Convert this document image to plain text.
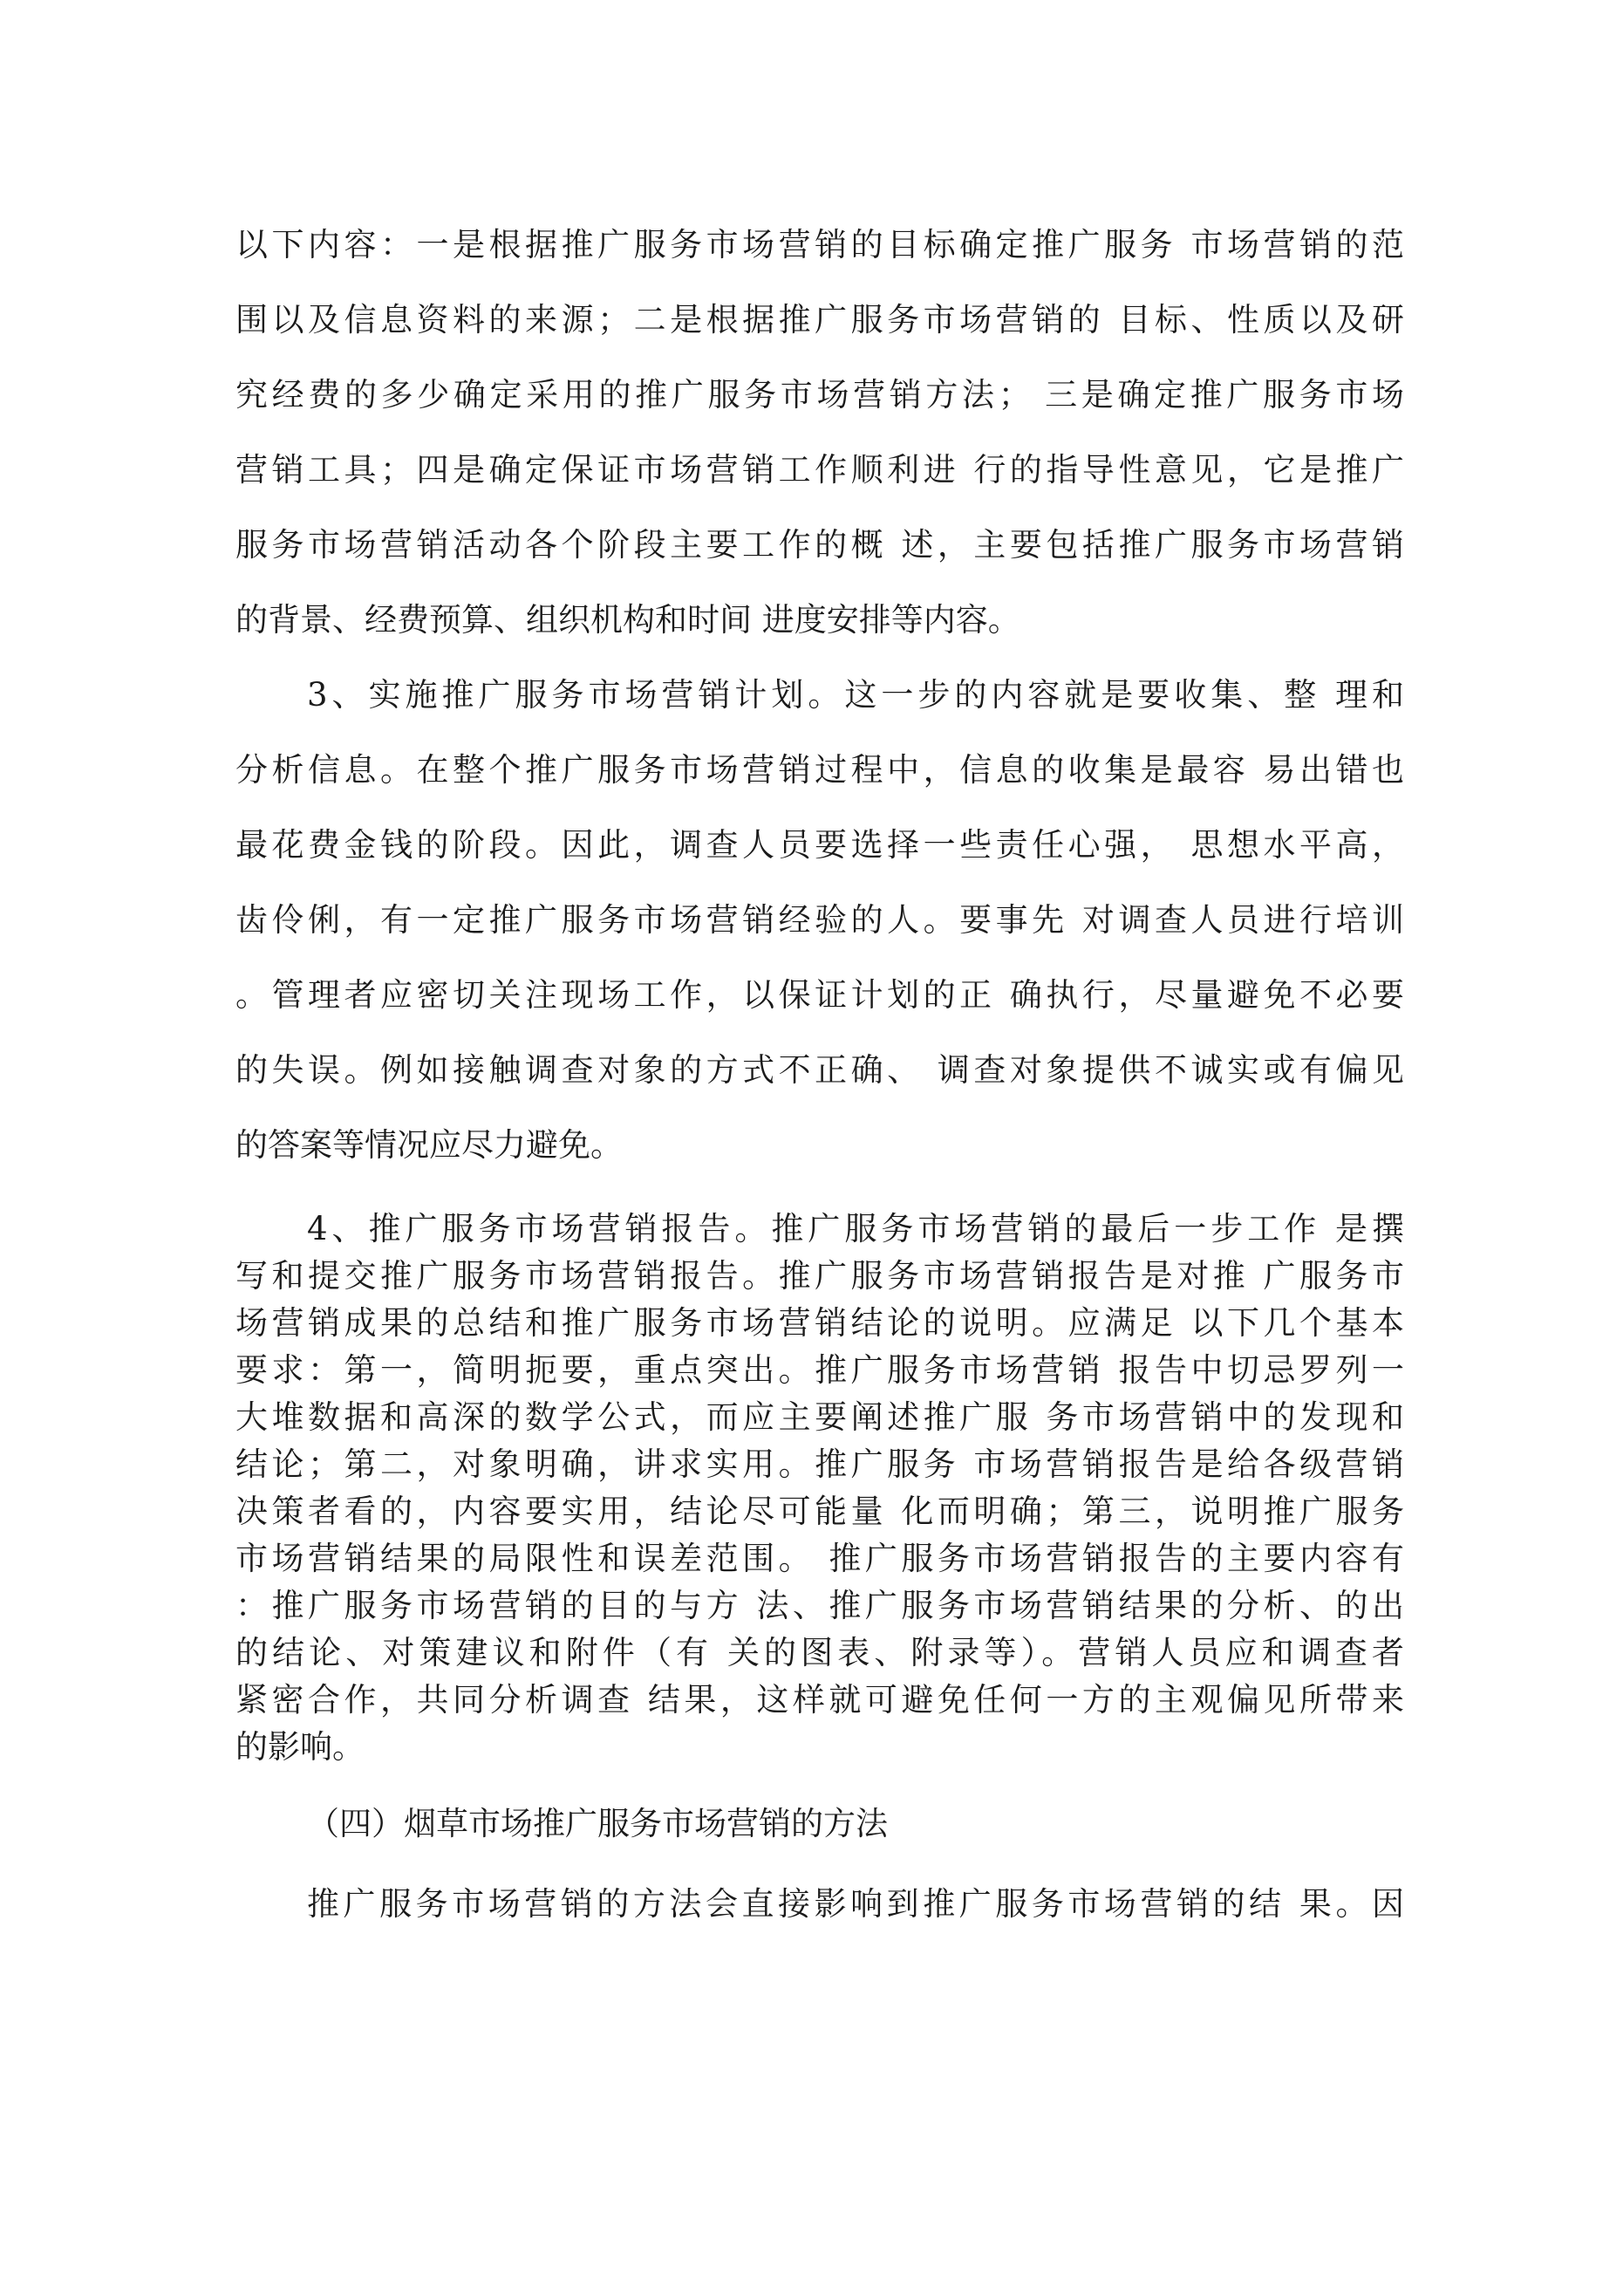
以下内容：一是根据推广服务市场营销的目标确定推广服务 市场营销的范
围以及信息资料的来源；二是根据推广服务市场营销的 目标、性质以及研
究经费的多少确定采用的推广服务市场营销方法； 三是确定推广服务市场
营销工具；四是确定保证市场营销工作顺利进 行的指导性意见，它是推广
服务市场营销活动各个阶段主要工作的概 述，主要包括推广服务市场营销
的背景、经费预算、组织机构和时间 进度安排等内容。
3、实施推广服务市场营销计划。这一步的内容就是要收集、整 理和
分析信息。在整个推广服务市场营销过程中，信息的收集是最容 易出错也
最花费金钱的阶段。因此，调查人员要选择一些责任心强， 思想水平高，
齿伶俐，有一定推广服务市场营销经验的人。要事先 对调查人员进行培训
。管理者应密切关注现场工作，以保证计划的正 确执行，尽量避免不必要
的失误。例如接触调查对象的方式不正确、 调查对象提供不诚实或有偏见
的答案等情况应尽力避免。
4、推广服务市场营销报告。推广服务市场营销的最后一步工作 是撰
写和提交推广服务市场营销报告。推广服务市场营销报告是对推 广服务市
场营销成果的总结和推广服务市场营销结论的说明。应满足 以下几个基本
要求：第一，简明扼要，重点突出。推广服务市场营销 报告中切忌罗列一
大堆数据和高深的数学公式，而应主要阐述推广服 务市场营销中的发现和
结论；第二，对象明确，讲求实用。推广服务 市场营销报告是给各级营销
决策者看的，内容要实用，结论尽可能量 化而明确；第三，说明推广服务
市场营销结果的局限性和误差范围。 推广服务市场营销报告的主要内容有
：推广服务市场营销的目的与方 法、推广服务市场营销结果的分析、的出
的结论、对策建议和附件（有 关的图表、附录等）。营销人员应和调查者
紧密合作，共同分析调查 结果，这样就可避免任何一方的主观偏见所带来
的影响。
（四）烟草市场推广服务市场营销的方法
推广服务市场营销的方法会直接影响到推广服务市场营销的结 果。因
